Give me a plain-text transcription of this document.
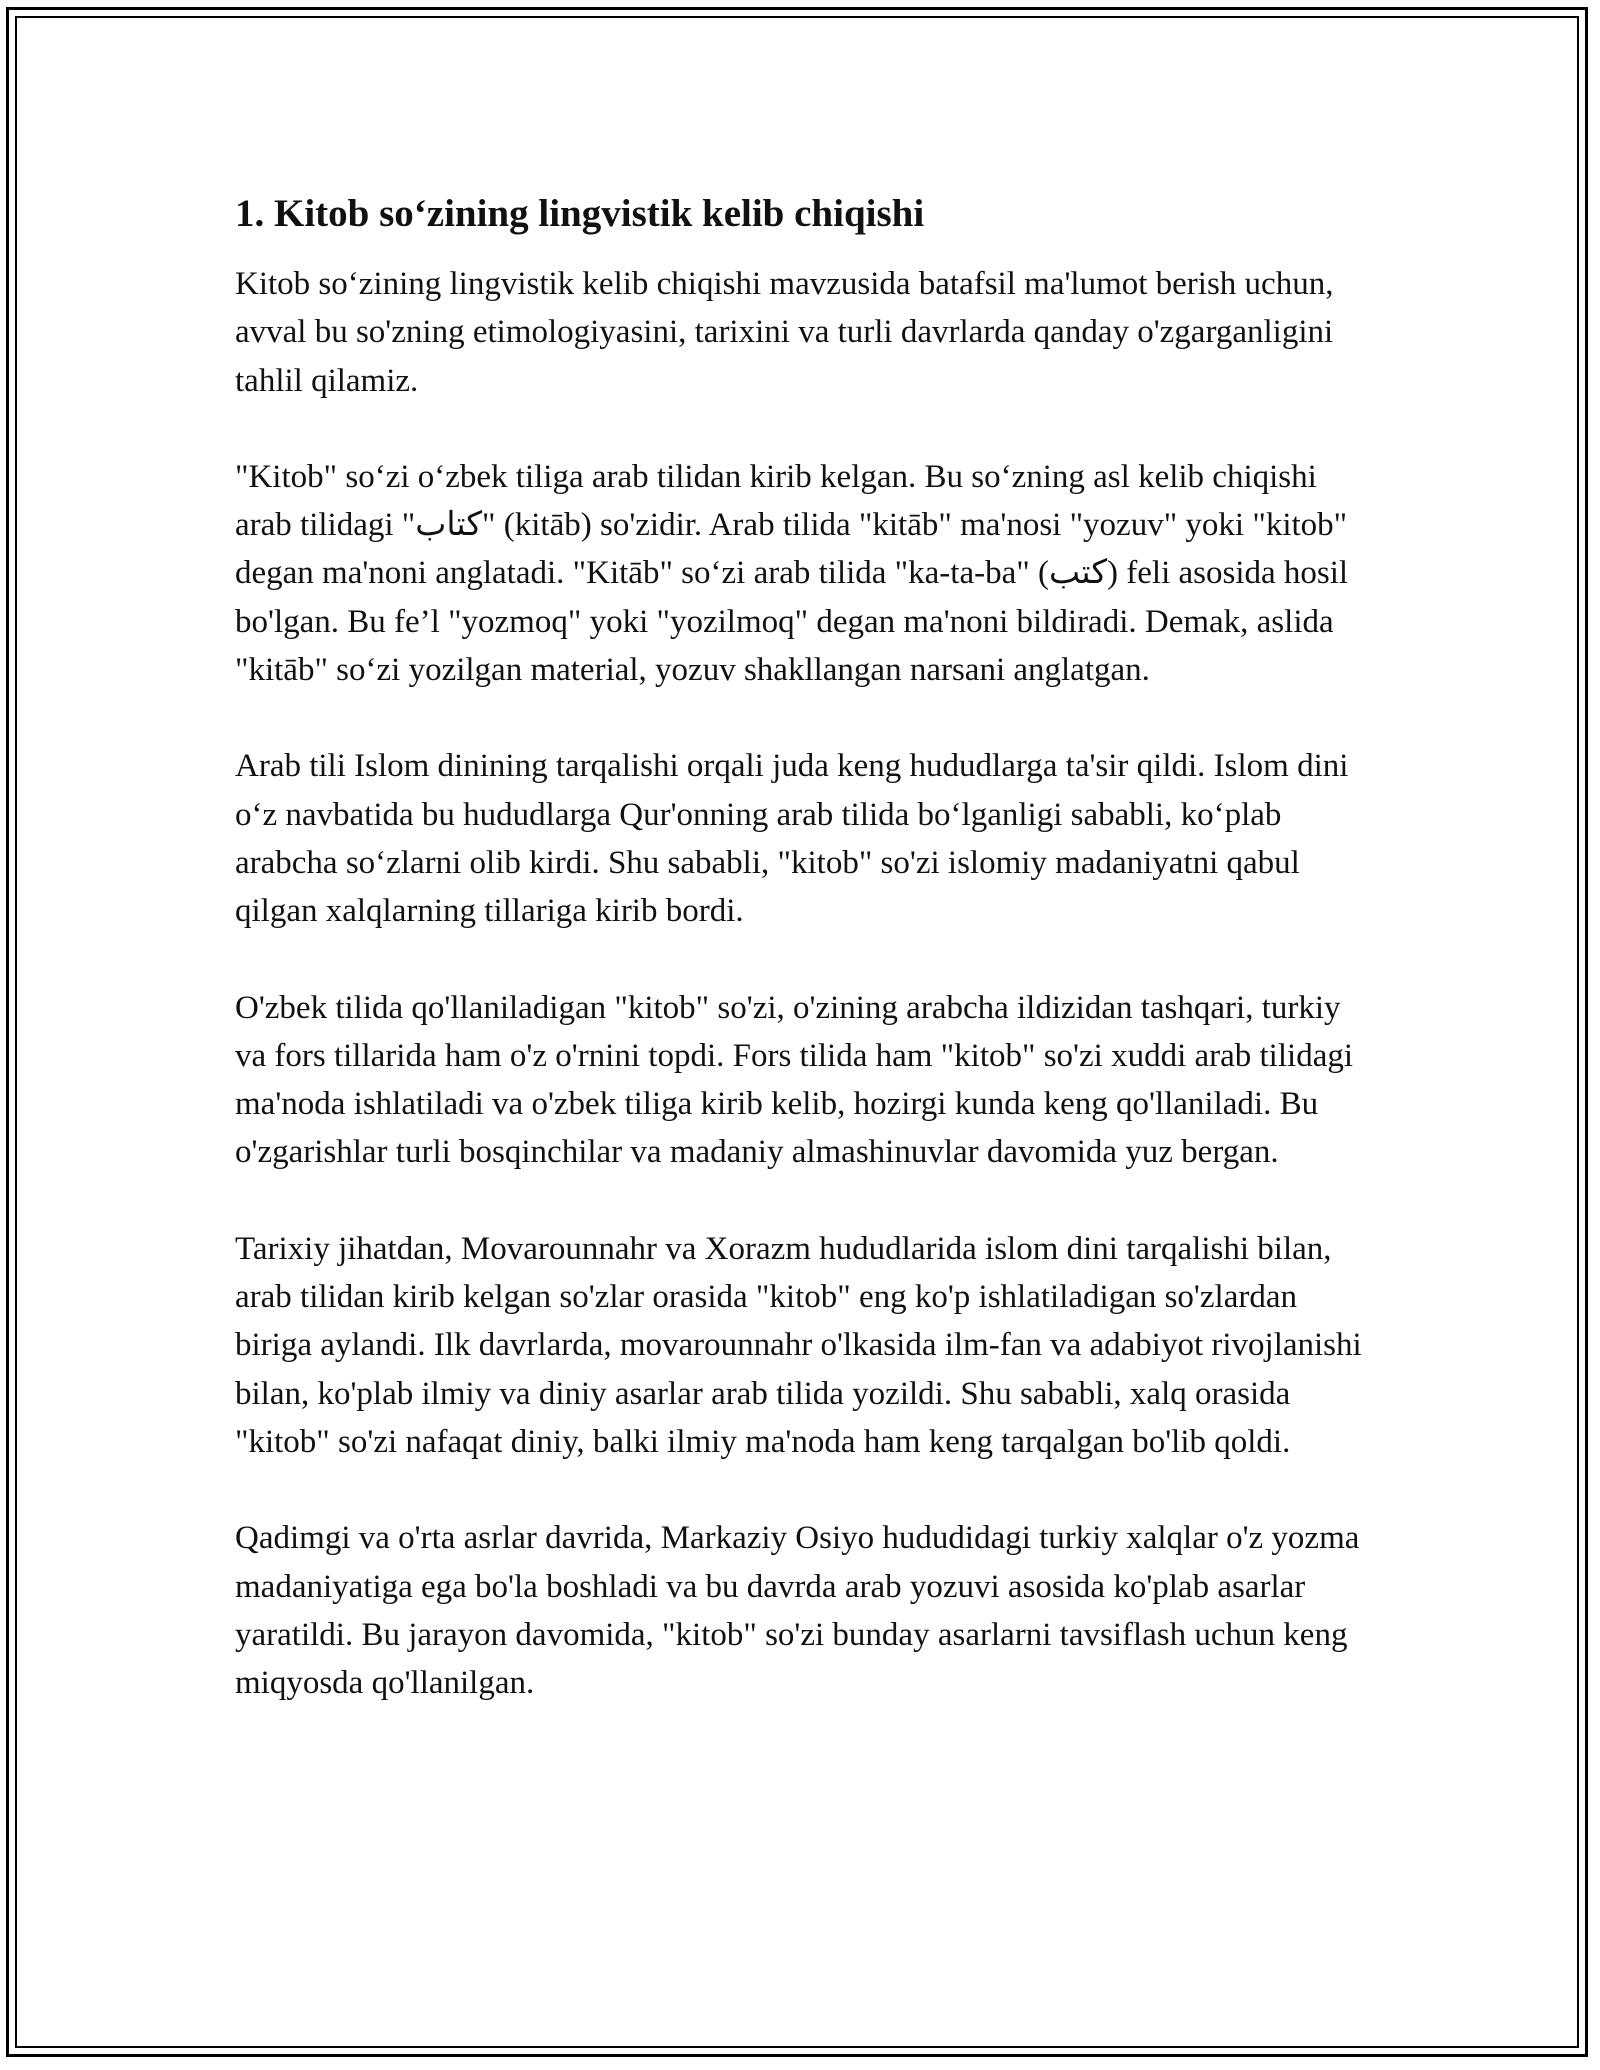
1. Kitob so‘zining lingvistik kelib chiqishi

Kitob so‘zining lingvistik kelib chiqishi mavzusida batafsil ma'lumot berish uchun, avval bu so'zning etimologiyasini, tarixini va turli davrlarda qanday o'zgarganligini tahlil qilamiz.

"Kitob" so‘zi o‘zbek tiliga arab tilidan kirib kelgan. Bu so‘zning asl kelib chiqishi arab tilidagi "كتاب" (kitāb) so'zidir. Arab tilida "kitāb" ma'nosi "yozuv" yoki "kitob" degan ma'noni anglatadi. "Kitāb" so‘zi arab tilida "ka-ta-ba" (كتب) feli asosida hosil bo'lgan. Bu fe’l "yozmoq" yoki "yozilmoq" degan ma'noni bildiradi. Demak, aslida "kitāb" so‘zi yozilgan material, yozuv shakllangan narsani anglatgan.

Arab tili Islom dinining tarqalishi orqali juda keng hududlarga ta'sir qildi. Islom dini o‘z navbatida bu hududlarga Qur'onning arab tilida bo‘lganligi sababli, ko‘plab arabcha so‘zlarni olib kirdi. Shu sababli, "kitob" so'zi islomiy madaniyatni qabul qilgan xalqlarning tillariga kirib bordi.

O'zbek tilida qo'llaniladigan "kitob" so'zi, o'zining arabcha ildizidan tashqari, turkiy va fors tillarida ham o'z o'rnini topdi. Fors tilida ham "kitob" so'zi xuddi arab tilidagi ma'noda ishlatiladi va o'zbek tiliga kirib kelib, hozirgi kunda keng qo'llaniladi. Bu o'zgarishlar turli bosqinchilar va madaniy almashinuvlar davomida yuz bergan.

Tarixiy jihatdan, Movarounnahr va Xorazm hududlarida islom dini tarqalishi bilan, arab tilidan kirib kelgan so'zlar orasida "kitob" eng ko'p ishlatiladigan so'zlardan biriga aylandi. Ilk davrlarda, movarounnahr o'lkasida ilm-fan va adabiyot rivojlanishi bilan, ko'plab ilmiy va diniy asarlar arab tilida yozildi. Shu sababli, xalq orasida "kitob" so'zi nafaqat diniy, balki ilmiy ma'noda ham keng tarqalgan bo'lib qoldi.

Qadimgi va o'rta asrlar davrida, Markaziy Osiyo hududidagi turkiy xalqlar o'z yozma madaniyatiga ega bo'la boshladi va bu davrda arab yozuvi asosida ko'plab asarlar yaratildi. Bu jarayon davomida, "kitob" so'zi bunday asarlarni tavsiflash uchun keng miqyosda qo'llanilgan.
